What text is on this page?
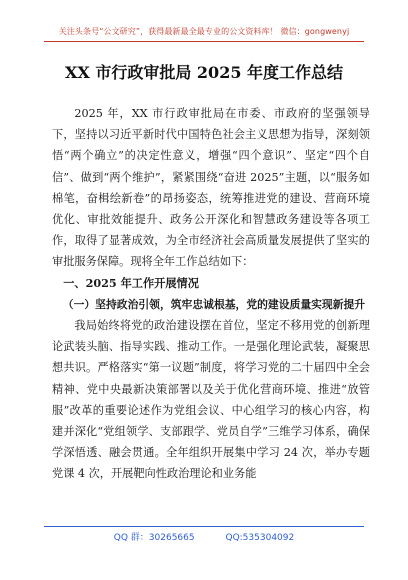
关注头条号“公文研究”，获得最新最全最专业的公文资料库！ 微信：gongwenyj
XX 市行政审批局 2025 年度工作总结

2025 年，XX 市行政审批局在市委、市政府的坚强领导下，坚持以习近平新时代中国特色社会主义思想为指导，深刻领悟“两个确立”的决定性意义，增强“四个意识”、坚定“四个自信”、做到“两个维护”，紧紧围绕“奋进 2025”主题，以“服务如棉笔，奋楫绘新卷”的昂扬姿态，统筹推进党的建设、营商环境优化、审批效能提升、政务公开深化和智慧政务建设等各项工作，取得了显著成效，为全市经济社会高质量发展提供了坚实的审批服务保障。现将全年工作总结如下：

一、2025 年工作开展情况

（一）坚持政治引领，筑牢忠诚根基，党的建设质量实现新提升

我局始终将党的政治建设摆在首位，坚定不移用党的创新理论武装头脑、指导实践、推动工作。一是强化理论武装，凝聚思想共识。严格落实“第一议题”制度，将学习党的二十届四中全会精神、党中央最新决策部署以及关于优化营商环境、推进“放管服”改革的重要论述作为党组会议、中心组学习的核心内容，构建并深化“党组领学、支部跟学、党员自学”三维学习体系，确保学深悟透、融会贯通。全年组织开展集中学习 24 次，举办专题党课 4 次，开展靶向性政治理论和业务能

QQ 群：30265665	QQ:535304092
